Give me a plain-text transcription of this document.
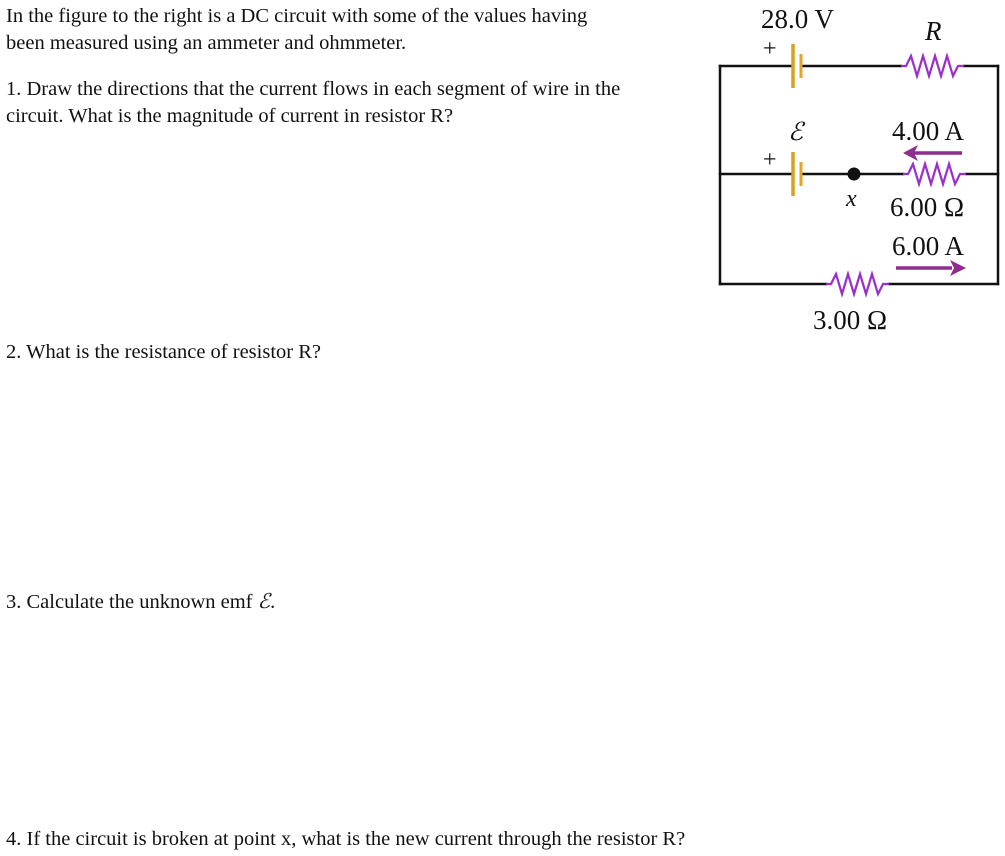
In the figure to the right is a DC circuit with some of the values having
been measured using an ammeter and ohmmeter.
1. Draw the directions that the current flows in each segment of wire in the
circuit. What is the magnitude of current in resistor R?
2. What is the resistance of resistor R?
3. Calculate the unknown emf ℰ.
4. If the circuit is broken at point x, what is the new current through the resistor R?
28.0 V
+
R
ℰ	4.00 A
+
x 6.00 Ω
6.00 A
3.00 Ω
